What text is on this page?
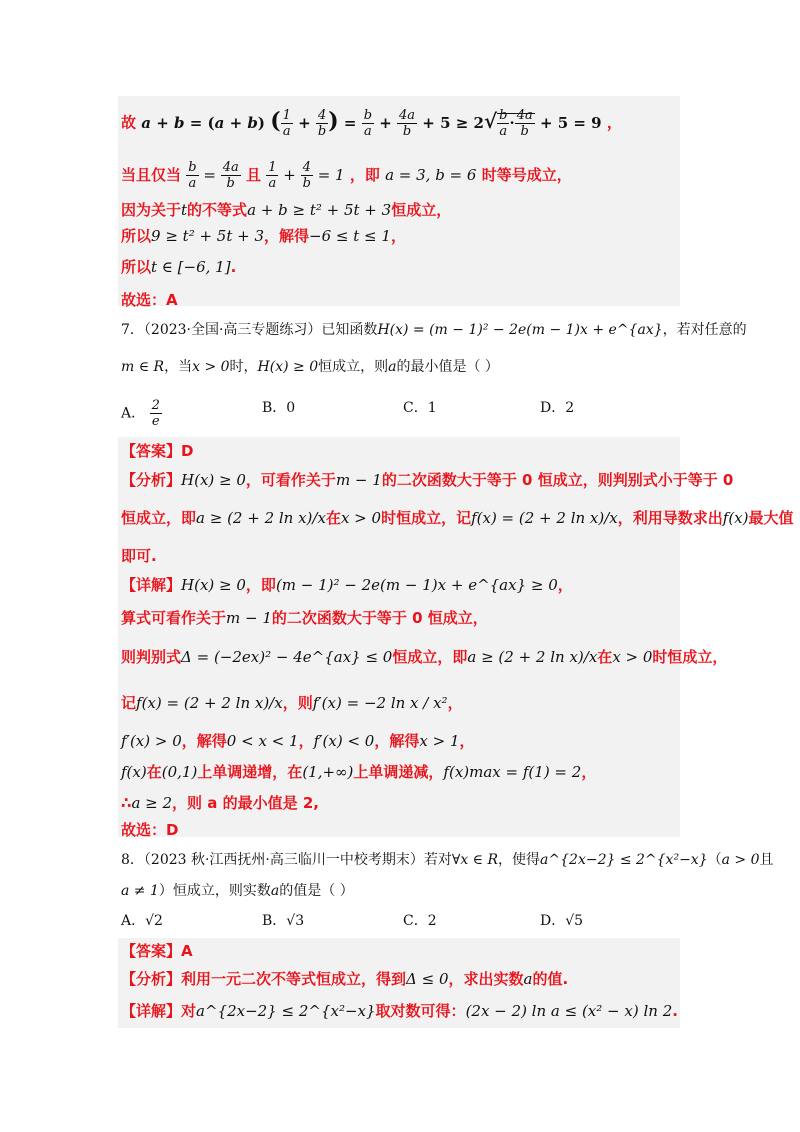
故 a + b = (a + b) ( $\frac{1}{a} + \frac{4}{b}$ ) = $\frac{b}{a} + \frac{4a}{b} + 5 \ge 2√ \frac{b}{a} \cdot \frac{4a}{b} + 5 = 9$ ，
当且仅当 $\frac{b}{a} = \frac{4a}{b}$ 且 $\frac{1}{a} + \frac{4}{b} = 1$ ，即 a = 3, b = 6 时等号成立，
因为关于t的不等式a + b ≥ t² + 5t + 3恒成立，
所以9 ≥ t² + 5t + 3，解得−6 ≤ t ≤ 1，
所以t ∈ [−6, 1].
故选：A
7．（2023·全国·高三专题练习）已知函数H(x) = (m − 1)² − 2e(m − 1)x + e^{ax}，若对任意的
m ∈ R，当x > 0时，H(x) ≥ 0恒成立，则a的最小值是（ ）
A． $\frac{2}{e}$	B．0	C．1	D．2
【答案】D
【分析】H(x) ≥ 0，可看作关于m − 1的二次函数大于等于 0 恒成立，则判别式小于等于 0
恒成立，即a ≥ (2 + 2 ln x)/x在x > 0时恒成立，记f(x) = (2 + 2 ln x)/x，利用导数求出f(x)最大值
即可.
【详解】H(x) ≥ 0，即(m − 1)² − 2e(m − 1)x + e^{ax} ≥ 0，
算式可看作关于m − 1的二次函数大于等于 0 恒成立，
则判别式Δ = (−2ex)² − 4e^{ax} ≤ 0恒成立，即a ≥ (2 + 2 ln x)/x在x > 0时恒成立，
记f(x) = (2 + 2 ln x)/x，则f′(x) = −2 ln x / x²，
f′(x) > 0，解得0 < x < 1，f′(x) < 0，解得x > 1，
f(x)在(0,1)上单调递增，在(1,+∞)上单调递减，f(x)max = f(1) = 2，
∴a ≥ 2，则 a 的最小值是 2,
故选：D
8．（2023 秋·江西抚州·高三临川一中校考期末）若对∀x ∈ R，使得a^{2x−2} ≤ 2^{x²−x}（a > 0且
a ≠ 1）恒成立，则实数a的值是（ ）
A．√2	B．√3	C．2	D．√5
【答案】A
【分析】利用一元二次不等式恒成立，得到Δ ≤ 0，求出实数a的值.
【详解】对a^{2x−2} ≤ 2^{x²−x}取对数可得：(2x − 2) ln a ≤ (x² − x) ln 2.
